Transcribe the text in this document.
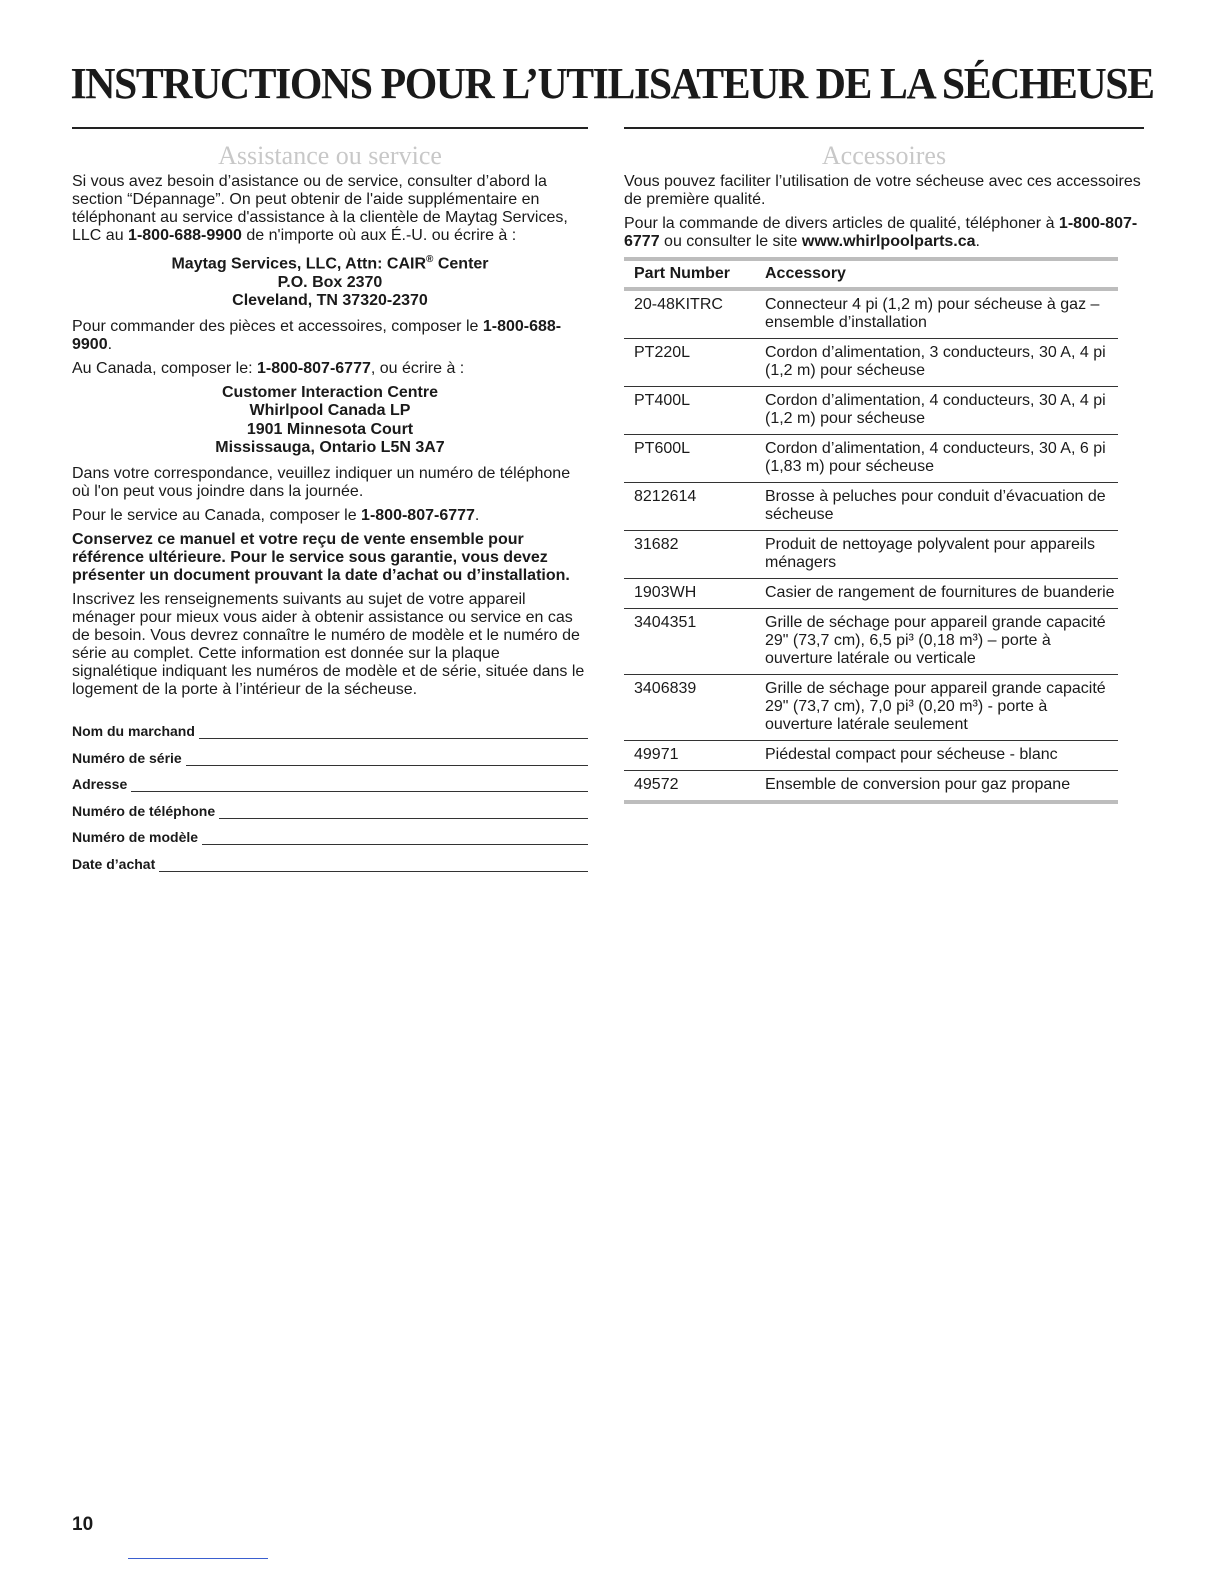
INSTRUCTIONS POUR L’UTILISATEUR DE LA SÉCHEUSE
Assistance ou service

Si vous avez besoin d’asistance ou de service, consulter d’abord la section “Dépannage”. On peut obtenir de l'aide supplémentaire en téléphonant au service d'assistance à la clientèle de Maytag Services, LLC au 1-800-688-9900 de n'importe où aux É.-U. ou écrire à :

Maytag Services, LLC, Attn: CAIR® Center
P.O. Box 2370
Cleveland, TN 37320-2370

Pour commander des pièces et accessoires, composer le 1-800-688-9900.

Au Canada, composer le: 1-800-807-6777, ou écrire à :

Customer Interaction Centre
Whirlpool Canada LP
1901 Minnesota Court
Mississauga, Ontario L5N 3A7

Dans votre correspondance, veuillez indiquer un numéro de téléphone où l'on peut vous joindre dans la journée.

Pour le service au Canada, composer le 1-800-807-6777.

Conservez ce manuel et votre reçu de vente ensemble pour référence ultérieure. Pour le service sous garantie, vous devez présenter un document prouvant la date d’achat ou d’installation.

Inscrivez les renseignements suivants au sujet de votre appareil ménager pour mieux vous aider à obtenir assistance ou service en cas de besoin. Vous devrez connaître le numéro de modèle et le numéro de série au complet. Cette information est donnée sur la plaque signalétique indiquant les numéros de modèle et de série, située dans le logement de la porte à l’intérieur de la sécheuse.

Nom du marchand
Numéro de série
Adresse
Numéro de téléphone
Numéro de modèle
Date d’achat
Accessoires

Vous pouvez faciliter l’utilisation de votre sécheuse avec ces accessoires de première qualité.

Pour la commande de divers articles de qualité, téléphoner à 1-800-807-6777 ou consulter le site www.whirlpoolparts.ca.

Part Number	Accessory
20-48KITRC	Connecteur 4 pi (1,2 m) pour sécheuse à gaz – ensemble d’installation
PT220L	Cordon d’alimentation, 3 conducteurs, 30 A, 4 pi (1,2 m) pour sécheuse
PT400L	Cordon d’alimentation, 4 conducteurs, 30 A, 4 pi (1,2 m) pour sécheuse
PT600L	Cordon d’alimentation, 4 conducteurs, 30 A, 6 pi (1,83 m) pour sécheuse
8212614	Brosse à peluches pour conduit d’évacuation de sécheuse
31682	Produit de nettoyage polyvalent pour appareils ménagers
1903WH	Casier de rangement de fournitures de buanderie
3404351	Grille de séchage pour appareil grande capacité 29" (73,7 cm), 6,5 pi³ (0,18 m³) – porte à ouverture latérale ou verticale
3406839	Grille de séchage pour appareil grande capacité 29" (73,7 cm), 7,0 pi³ (0,20 m³) - porte à ouverture latérale seulement
49971	Piédestal compact pour sécheuse - blanc
49572	Ensemble de conversion pour gaz propane
10
